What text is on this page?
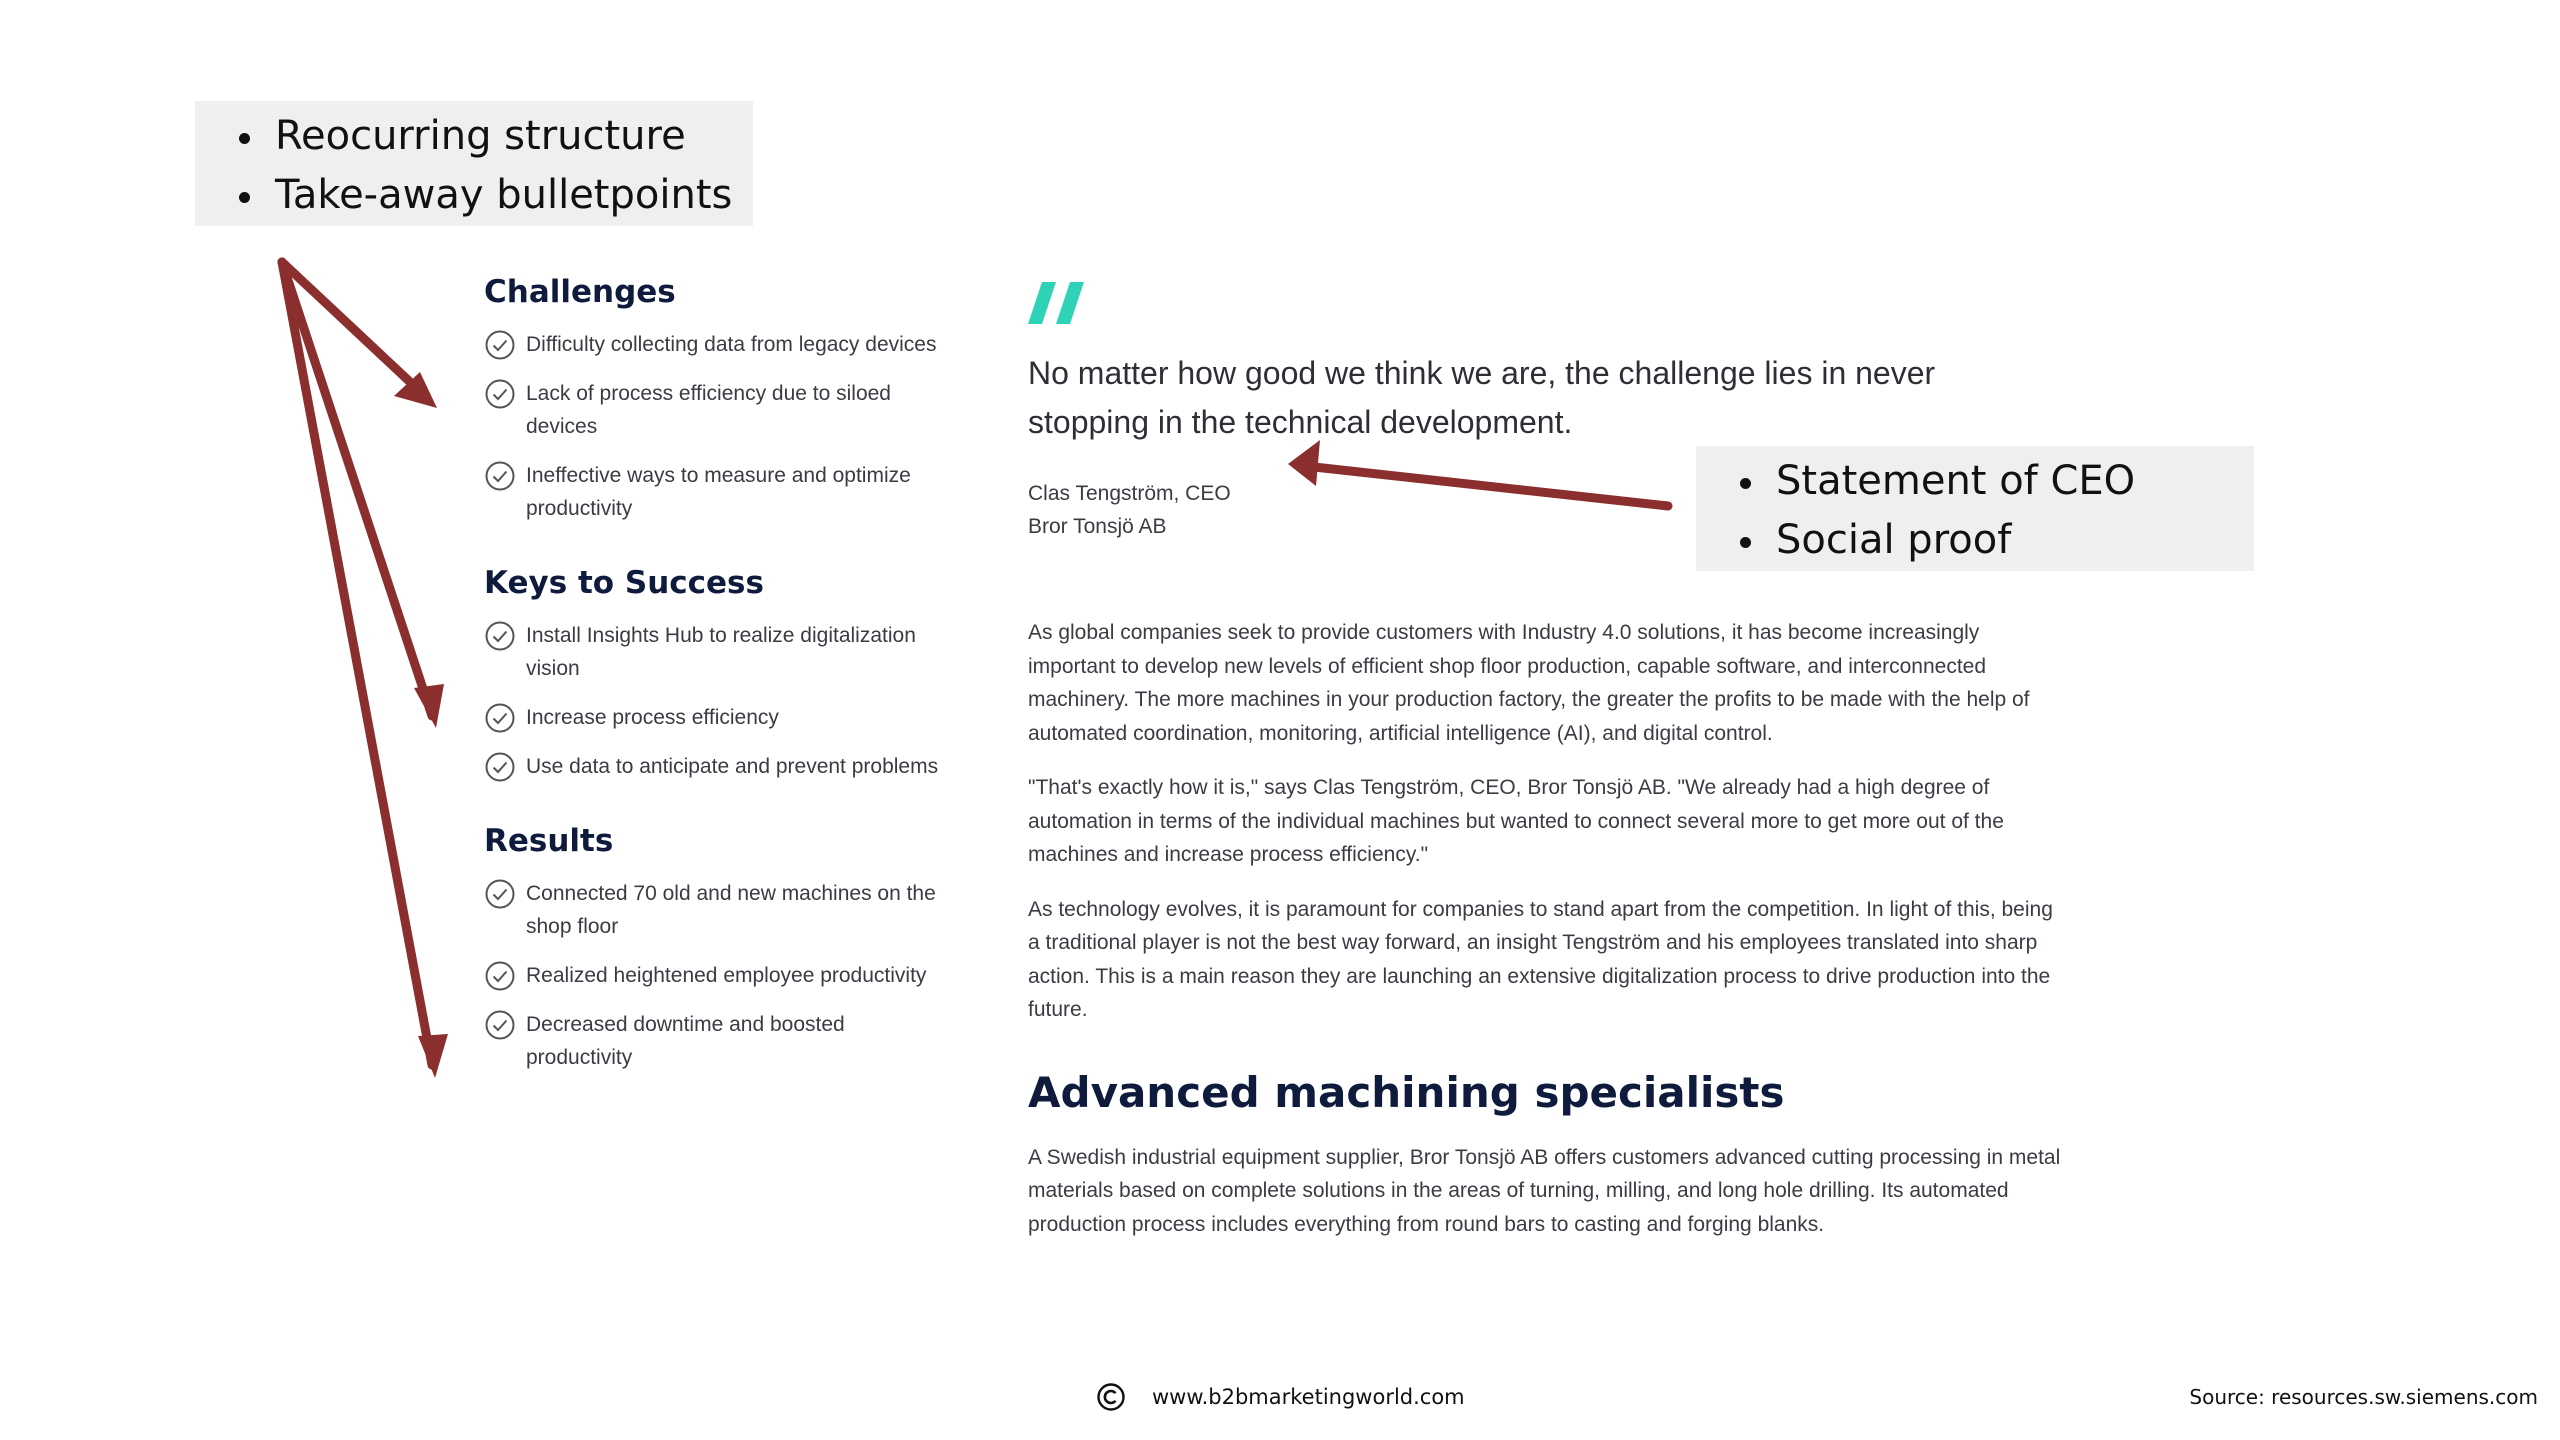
Reocurring structure
Take-away bulletpoints
Statement of CEO
Social proof
Challenges
Difficulty collecting data from legacy devices
Lack of process efficiency due to siloed devices
Ineffective ways to measure and optimize productivity
Keys to Success
Install Insights Hub to realize digitalization vision
Increase process efficiency
Use data to anticipate and prevent problems
Results
Connected 70 old and new machines on the shop floor
Realized heightened employee productivity
Decreased downtime and boosted productivity

No matter how good we think we are, the challenge lies in never stopping in the technical development.

Clas Tengström, CEO

Bror Tonsjö AB

As global companies seek to provide customers with Industry 4.0 solutions, it has become increasingly important to develop new levels of efficient shop floor production, capable software, and interconnected machinery. The more machines in your production factory, the greater the profits to be made with the help of automated coordination, monitoring, artificial intelligence (AI), and digital control.

"That's exactly how it is," says Clas Tengström, CEO, Bror Tonsjö AB. "We already had a high degree of automation in terms of the individual machines but wanted to connect several more to get more out of the machines and increase process efficiency."

As technology evolves, it is paramount for companies to stand apart from the competition. In light of this, being a traditional player is not the best way forward, an insight Tengström and his employees translated into sharp action. This is a main reason they are launching an extensive digitalization process to drive production into the future.

Advanced machining specialists

A Swedish industrial equipment supplier, Bror Tonsjö AB offers customers advanced cutting processing in metal materials based on complete solutions in the areas of turning, milling, and long hole drilling. Its automated production process includes everything from round bars to casting and forging blanks.

www.b2bmarketingworld.com	Source: resources.sw.siemens.com
